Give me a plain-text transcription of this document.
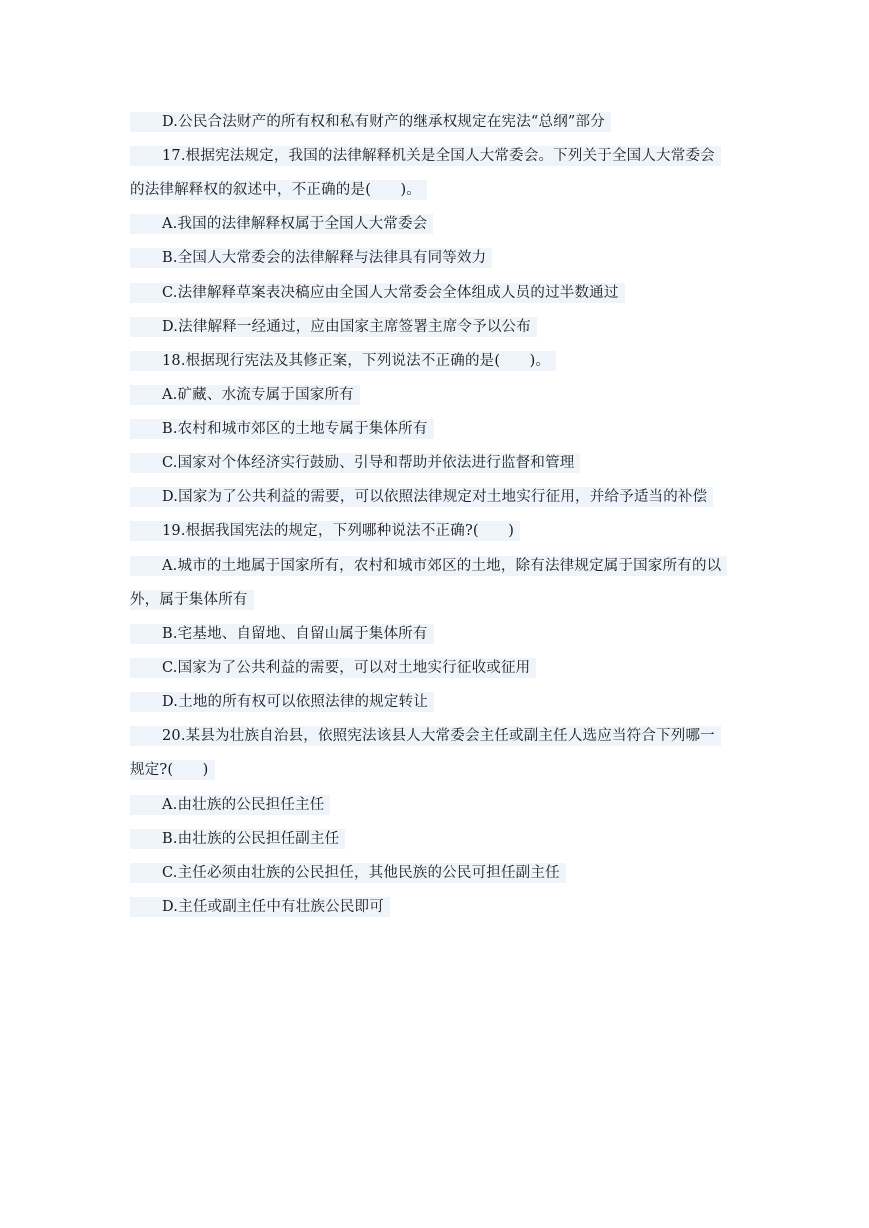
D.公民合法财产的所有权和私有财产的继承权规定在宪法“总纲”部分
17.根据宪法规定，我国的法律解释机关是全国人大常委会。下列关于全国人大常委会
的法律解释权的叙述中，不正确的是(　　)。
A.我国的法律解释权属于全国人大常委会
B.全国人大常委会的法律解释与法律具有同等效力
C.法律解释草案表决稿应由全国人大常委会全体组成人员的过半数通过
D.法律解释一经通过，应由国家主席签署主席令予以公布
18.根据现行宪法及其修正案，下列说法不正确的是(　　)。
A.矿藏、水流专属于国家所有
B.农村和城市郊区的土地专属于集体所有
C.国家对个体经济实行鼓励、引导和帮助并依法进行监督和管理
D.国家为了公共利益的需要，可以依照法律规定对土地实行征用，并给予适当的补偿
19.根据我国宪法的规定，下列哪种说法不正确?(　　)
A.城市的土地属于国家所有，农村和城市郊区的土地，除有法律规定属于国家所有的以
外，属于集体所有
B.宅基地、自留地、自留山属于集体所有
C.国家为了公共利益的需要，可以对土地实行征收或征用
D.土地的所有权可以依照法律的规定转让
20.某县为壮族自治县，依照宪法该县人大常委会主任或副主任人选应当符合下列哪一
规定?(　　)
A.由壮族的公民担任主任
B.由壮族的公民担任副主任
C.主任必须由壮族的公民担任，其他民族的公民可担任副主任
D.主任或副主任中有壮族公民即可
